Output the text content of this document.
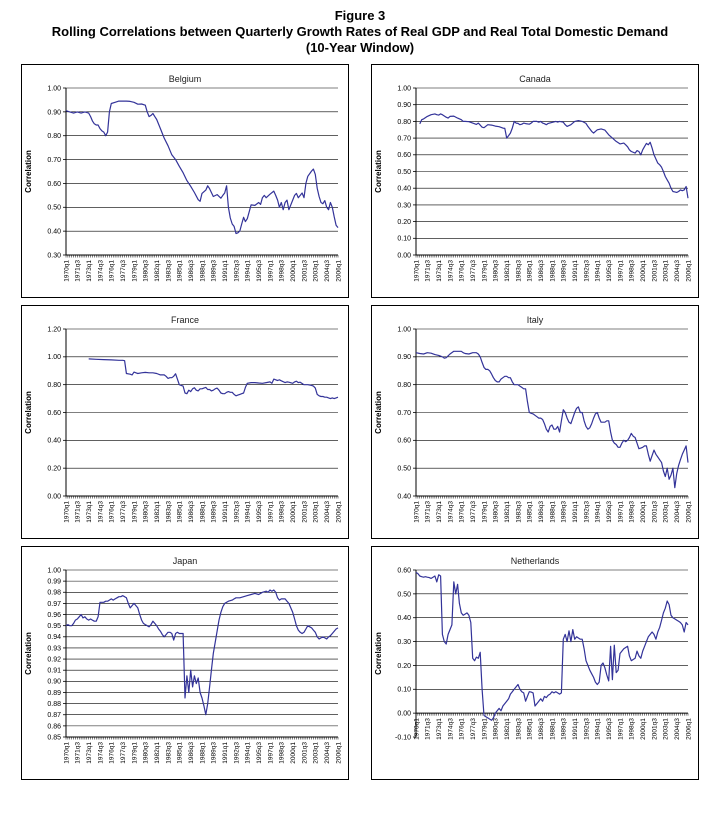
Figure 3
Rolling Correlations between Quarterly Growth Rates of Real GDP and Real Total Domestic Demand
(10-Year Window)
Belgium
0.30
0.40
0.50
0.60
0.70
0.80
0.90
1.00
1970q1 1971q3 1973q1 1974q3 1976q1 1977q3 1979q1 1980q3 1982q1 1983q3 1985q1 1986q3 1988q1 1989q3 1991q1 1992q3 1994q1 1995q3 1997q1 1998q3 2000q1 2001q3 2003q1 2004q3 2006q1
Correlation
Canada
0.00
0.10
0.20
0.30
0.40
0.50
0.60
0.70
0.80
0.90
1.00
1970q1 1971q3 1973q1 1974q3 1976q1 1977q3 1979q1 1980q3 1982q1 1983q3 1985q1 1986q3 1988q1 1989q3 1991q1 1992q3 1994q1 1995q3 1997q1 1998q3 2000q1 2001q3 2003q1 2004q3 2006q1
Correlation
France
0.00
0.20
0.40
0.60
0.80
1.00
1.20
1970q1 1971q3 1973q1 1974q3 1976q1 1977q3 1979q1 1980q3 1982q1 1983q3 1985q1 1986q3 1988q1 1989q3 1991q1 1992q3 1994q1 1995q3 1997q1 1998q3 2000q1 2001q3 2003q1 2004q3 2006q1
Correlation
Italy
0.40
0.50
0.60
0.70
0.80
0.90
1.00
1970q1 1971q3 1973q1 1974q3 1976q1 1977q3 1979q1 1980q3 1982q1 1983q3 1985q1 1986q3 1988q1 1989q3 1991q1 1992q3 1994q1 1995q3 1997q1 1998q3 2000q1 2001q3 2003q1 2004q3 2006q1
Correlation
Japan
0.85
0.86
0.87
0.88
0.89
0.90
0.91
0.92
0.93
0.94
0.95
0.96
0.97
0.98
0.99
1.00
1970q1 1971q3 1973q1 1974q3 1976q1 1977q3 1979q1 1980q3 1982q1 1983q3 1985q1 1986q3 1988q1 1989q3 1991q1 1992q3 1994q1 1995q3 1997q1 1998q3 2000q1 2001q3 2003q1 2004q3 2006q1
Correlation
Netherlands
-0.10
0.00
0.10
0.20
0.30
0.40
0.50
0.60
1970q1 1971q3 1973q1 1974q3 1976q1 1977q3 1979q1 1980q3 1982q1 1983q3 1985q1 1986q3 1988q1 1989q3 1991q1 1992q3 1994q1 1995q3 1997q1 1998q3 2000q1 2001q3 2003q1 2004q3 2006q1
Correlation
